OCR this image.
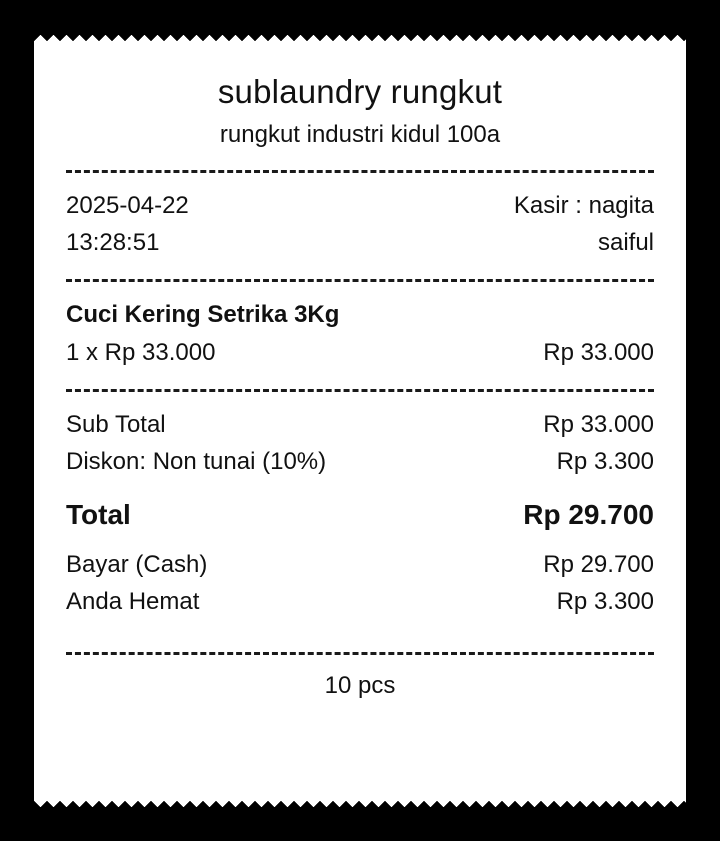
sublaundry rungkut
rungkut industri kidul 100a
2025-04-22	Kasir : nagita
13:28:51	saiful
Cuci Kering Setrika 3Kg
1 x Rp 33.000	Rp 33.000
Sub Total	Rp 33.000
Diskon: Non tunai (10%)	Rp 3.300
Total	Rp 29.700
Bayar (Cash)	Rp 29.700
Anda Hemat	Rp 3.300
10 pcs
